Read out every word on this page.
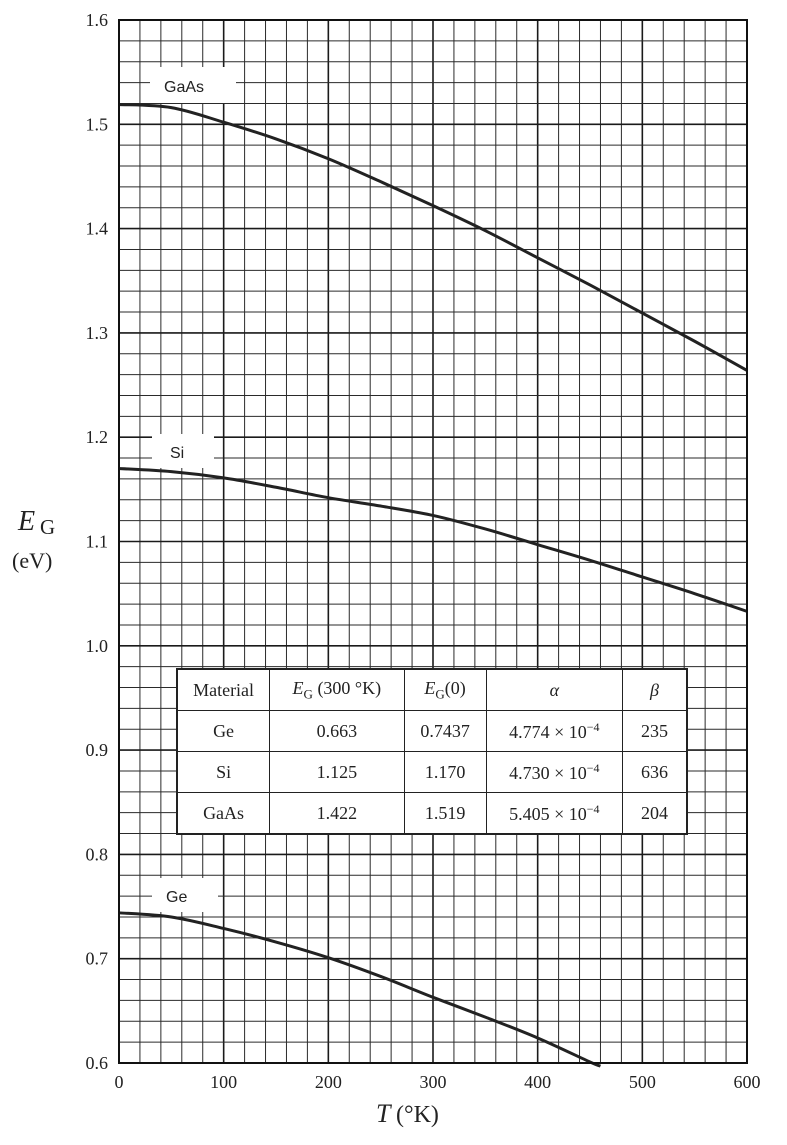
0	100	200	300	400	500	600
0.6
0.7
0.8
0.9
1.0
1.1
1.2
1.3
1.4
1.5
1.6
GaAs
Si
Ge
E G
(eV)
T (°K)
Material	$E_G$ (300 °K)	$E_G(0)$	α	β
Ge	0.663	0.7437	$4.774 \times 10^{-4}$	235
Si	1.125	1.170	$4.730 \times 10^{-4}$	636
GaAs	1.422	1.519	$5.405 \times 10^{-4}$	204
